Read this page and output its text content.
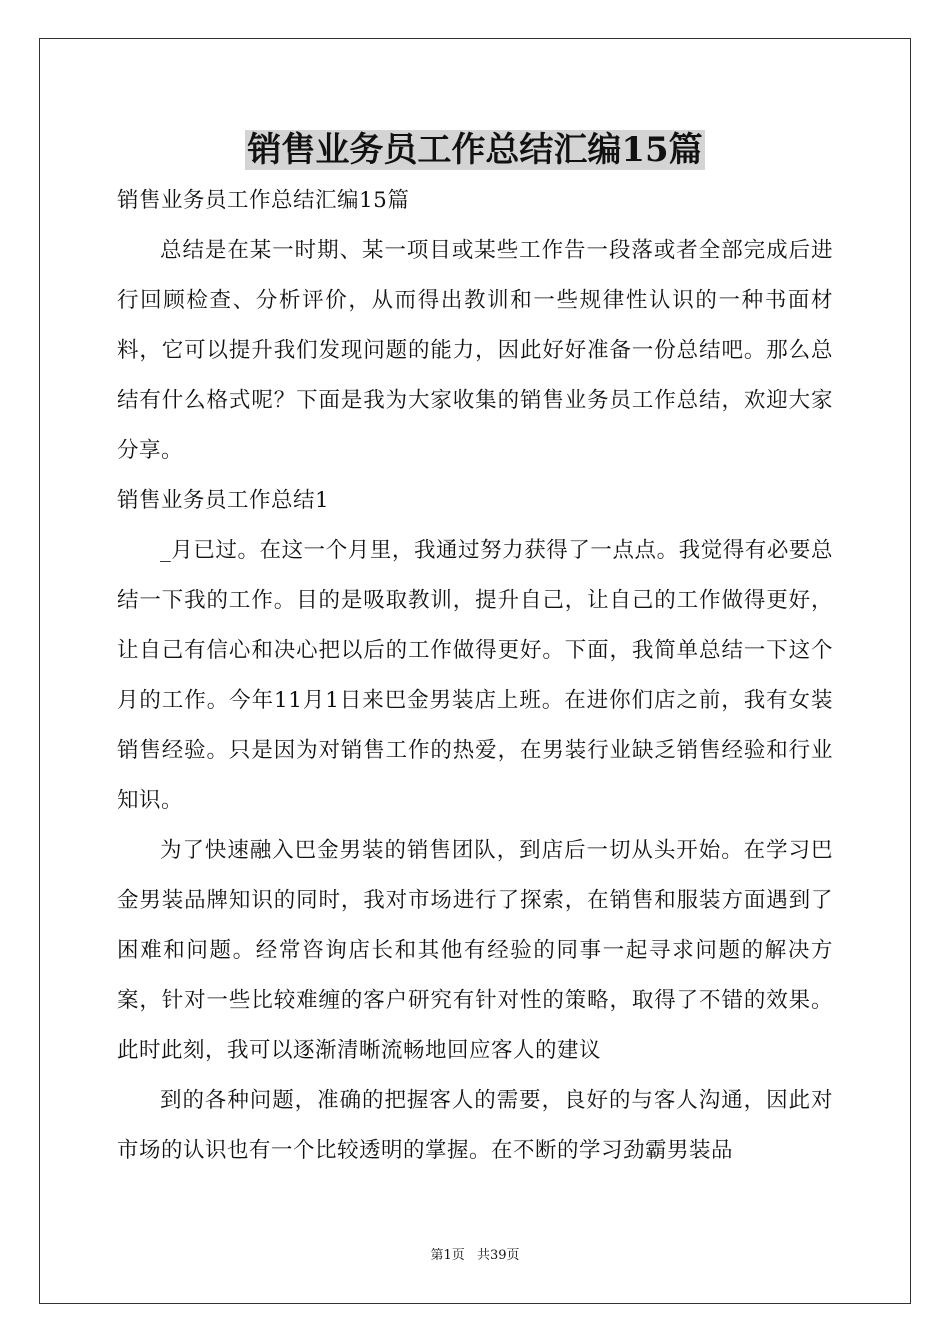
销售业务员工作总结汇编15篇

销售业务员工作总结汇编15篇

总结是在某一时期、某一项目或某些工作告一段落或者全部完成后进行回顾检查、分析评价，从而得出教训和一些规律性认识的一种书面材料，它可以提升我们发现问题的能力，因此好好准备一份总结吧。那么总结有什么格式呢？下面是我为大家收集的销售业务员工作总结，欢迎大家分享。

销售业务员工作总结1

_月已过。在这一个月里，我通过努力获得了一点点。我觉得有必要总结一下我的工作。目的是吸取教训，提升自己，让自己的工作做得更好，让自己有信心和决心把以后的工作做得更好。下面，我简单总结一下这个月的工作。今年11月1日来巴金男装店上班。在进你们店之前，我有女装销售经验。只是因为对销售工作的热爱，在男装行业缺乏销售经验和行业知识。

为了快速融入巴金男装的销售团队，到店后一切从头开始。在学习巴金男装品牌知识的同时，我对市场进行了探索，在销售和服装方面遇到了困难和问题。经常咨询店长和其他有经验的同事一起寻求问题的解决方案，针对一些比较难缠的客户研究有针对性的策略，取得了不错的效果。此时此刻，我可以逐渐清晰流畅地回应客人的建议

到的各种问题，准确的把握客人的需要，良好的与客人沟通，因此对市场的认识也有一个比较透明的掌握。在不断的学习劲霸男装品

第1页 共39页
